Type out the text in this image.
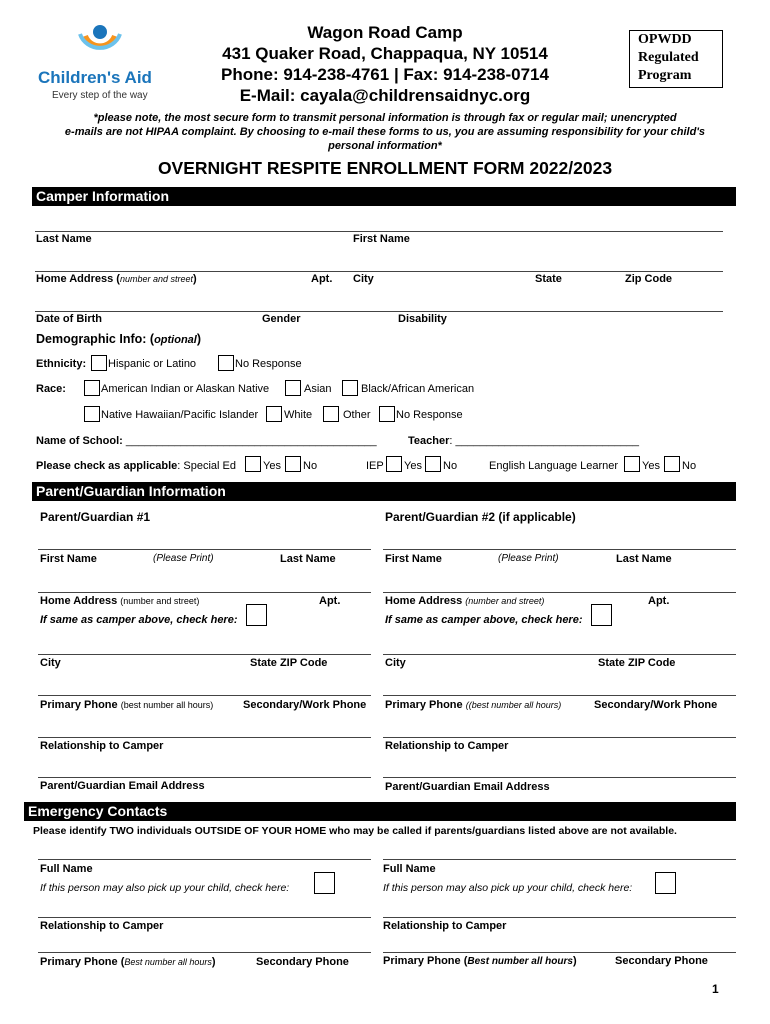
Children's Aid
Every step of the way
Wagon Road Camp
431 Quaker Road, Chappaqua, NY 10514
Phone: 914-238-4761 | Fax: 914-238-0714
E-Mail: cayala@childrensaidnyc.org
OPWDD
Regulated
Program
*please note, the most secure form to transmit personal information is through fax or regular mail; unencrypted
e-mails are not HIPAA complaint. By choosing to e-mail these forms to us, you are assuming responsibility for your child's
personal information*
OVERNIGHT RESPITE ENROLLMENT FORM 2022/2023
Camper Information
Last Name	First Name
Home Address (number and street)	Apt. City	State	Zip Code
Date of Birth	Gender	Disability
Demographic Info: (optional)
Ethnicity: Hispanic or Latino	No Response
Race:	American Indian or Alaskan Native	Asian	Black/African American
Native Hawaiian/Pacific Islander White	Other No Response
Name of School: _________________________________________	Teacher: ______________________________
Please check as applicable: Special Ed Yes No	IEP Yes No	English Language Learner Yes No
Parent/Guardian Information
Parent/Guardian #1	Parent/Guardian #2 (if applicable)
First Name	(Please Print)	Last Name
Home Address (number and street)	Apt.
If same as camper above, check here:
City	State ZIP Code
Primary Phone (best number all hours)	Secondary/Work Phone
Relationship to Camper
Parent/Guardian Email Address
First Name	(Please Print)	Last Name
Home Address (number and street)	Apt.
If same as camper above, check here:
City	State ZIP Code
Primary Phone ((best number all hours)	Secondary/Work Phone
Relationship to Camper
Parent/Guardian Email Address
Emergency Contacts
Please identify TWO individuals OUTSIDE OF YOUR HOME who may be called if parents/guardians listed above are not available.
Full Name
If this person may also pick up your child, check here:
Relationship to Camper
Primary Phone (Best number all hours)	Secondary Phone
Full Name
If this person may also pick up your child, check here:
Relationship to Camper
Primary Phone (Best number all hours)	Secondary Phone
1
